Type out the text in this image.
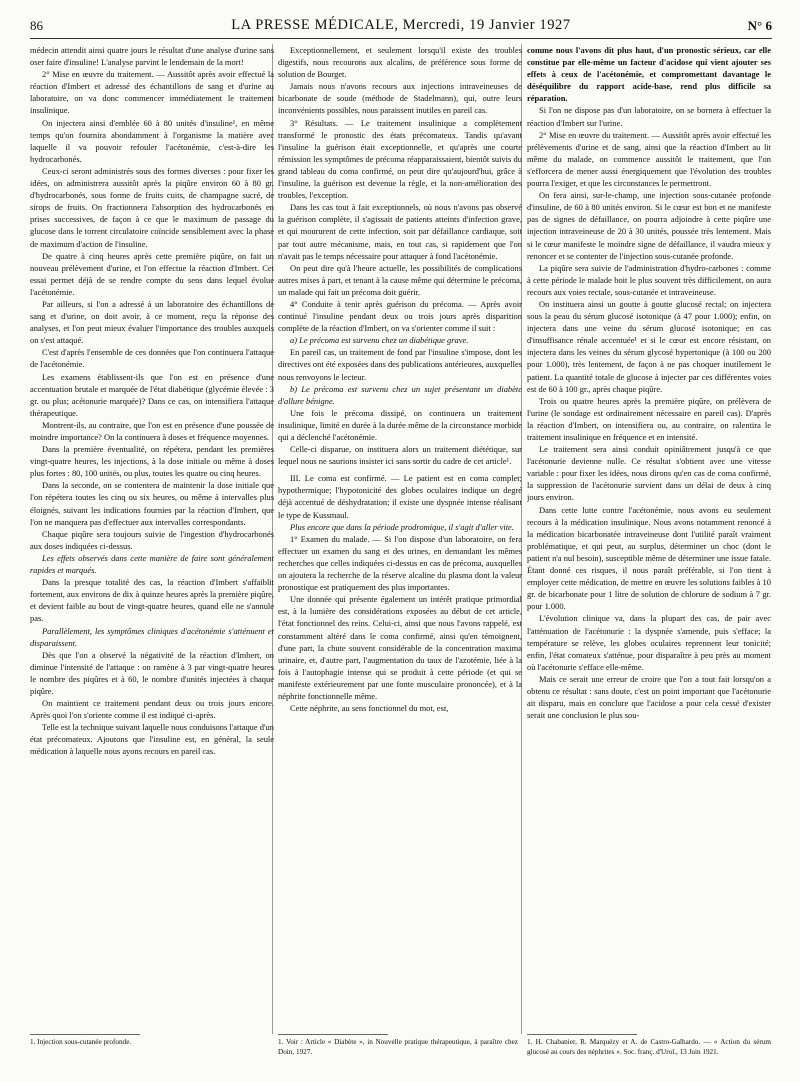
86	LA PRESSE MÉDICALE, Mercredi, 19 Janvier 1927	N° 6

médecin attendit ainsi quatre jours le résultat d'une analyse d'urine sans oser faire d'insuline! L'analyse parvint le lendemain de la mort!

2° Mise en œuvre du traitement. — Aussitôt après avoir effectué la réaction d'Imbert et adressé des échantillons de sang et d'urine au laboratoire, on va donc commencer immédiatement le traitement insulinique.

On injectera ainsi d'emblée 60 à 80 unités d'insuline¹, en même temps qu'on fournira abondamment à l'organisme la matière avec laquelle il va pouvoir refouler l'acétonémie, c'est-à-dire les hydrocarbonés.

Ceux-ci seront administrés sous des formes diverses : pour fixer les idées, on administrera aussitôt après la piqûre environ 60 à 80 gr. d'hydrocarbonés, sous forme de fruits cuits, de champagne sucré, de sirops de fruits. On fractionnera l'absorption des hydrocarbonés en prises successives, de façon à ce que le maximum de passage du glucose dans le torrent circulatoire coïncide sensiblement avec la phase de maximum d'action de l'insuline.

De quatre à cinq heures après cette première piqûre, on fait un nouveau prélèvement d'urine, et l'on effectue la réaction d'Imbert. Cet essai permet déjà de se rendre compte du sens dans lequel évolue l'acétonémie.

Par ailleurs, si l'on a adressé à un laboratoire des échantillons de sang et d'urine, on doit avoir, à ce moment, reçu la réponse des analyses, et l'on peut mieux évaluer l'importance des troubles auxquels on s'est attaqué.

C'est d'après l'ensemble de ces données que l'on continuera l'attaque de l'acétonémie.

Les examens établissent-ils que l'on est en présence d'une accentuation brutale et marquée de l'état diabétique (glycémie élevée : 3 gr. ou plus; acétonurie marquée)? Dans ce cas, on intensifiera l'attaque thérapeutique.

Montrent-ils, au contraire, que l'on est en présence d'une poussée de moindre importance? On la continuera à doses et fréquence moyennes.

Dans la première éventualité, on répétera, pendant les premières vingt-quatre heures, les injections, à la dose initiale ou même à doses plus fortes : 80, 100 unités, ou plus, toutes les quatre ou cinq heures.

Dans la seconde, on se contentera de maintenir la dose initiale que l'on répétera toutes les cinq ou six heures, ou même à intervalles plus éloignés, suivant les indications fournies par la réaction d'Imbert, que l'on ne manquera pas d'effectuer aux intervalles correspondants.

Chaque piqûre sera toujours suivie de l'ingestion d'hydrocarbonés aux doses indiquées ci-dessus.

Les effets observés dans cette manière de faire sont généralement rapides et marqués.

Dans la presque totalité des cas, la réaction d'Imbert s'affaiblit fortement, aux environs de dix à quinze heures après la première piqûre, et devient faible au bout de vingt-quatre heures, quand elle ne s'annule pas.

Parallèlement, les symptômes cliniques d'acétonémie s'atténuent et disparaissent.

Dès que l'on a observé la négativité de la réaction d'Imbert, on diminue l'intensité de l'attaque : on ramène à 3 par vingt-quatre heures le nombre des piqûres et à 60, le nombre d'unités injectées à chaque piqûre.

On maintient ce traitement pendant deux ou trois jours encore. Après quoi l'on s'oriente comme il est indiqué ci-après.

Telle est la technique suivant laquelle nous conduisons l'attaque d'un état précomateux. Ajoutons que l'insuline est, en général, la seule médication à laquelle nous ayons recours en pareil cas.

Exceptionnellement, et seulement lorsqu'il existe des troubles digestifs, nous recourons aux alcalins, de préférence sous forme de solution de Bourget.

Jamais nous n'avons recours aux injections intraveineuses de bicarbonate de soude (méthode de Stadelmann), qui, outre leurs inconvénients possibles, nous paraissent inutiles en pareil cas.

3° Résultats. — Le traitement insulinique a complètement transformé le pronostic des états précomateux. Tandis qu'avant l'insuline la guérison était exceptionnelle, et qu'après une courte rémission les symptômes de précoma réapparaissaient, bientôt suivis du grand tableau du coma confirmé, on peut dire qu'aujourd'hui, grâce à l'insuline, la guérison est devenue la règle, et la non-amélioration des troubles, l'exception.

Dans les cas tout à fait exceptionnels, où nous n'avons pas observé la guérison complète, il s'agissait de patients atteints d'infection grave, et qui moururent de cette infection, soit par défaillance cardiaque, soit par tout autre mécanisme, mais, en tout cas, si rapidement que l'on n'avait pas le temps nécessaire pour attaquer à fond l'acétonémie.

On peut dire qu'à l'heure actuelle, les possibilités de complications autres mises à part, et tenant à la cause même qui détermine le précoma, un malade qui fait un précoma doit guérir.

4° Conduite à tenir après guérison du précoma. — Après avoir continué l'insuline pendant deux ou trois jours après disparition complète de la réaction d'Imbert, on va s'orienter comme il suit :

a) Le précoma est survenu chez un diabétique grave.

En pareil cas, un traitement de fond par l'insuline s'impose, dont les directives ont été exposées dans des publications antérieures, auxquelles nous renvoyons le lecteur.

b) Le précoma est survenu chez un sujet présentant un diabète d'allure bénigne.

Une fois le précoma dissipé, on continuera un traitement insulinique, limité en durée à la durée même de la circonstance morbide qui a déclenché l'acétonémie.

Celle-ci disparue, on instituera alors un traitement diététique, sur lequel nous ne saurions insister ici sans sortir du cadre de cet article¹.

III. Le coma est confirmé. — Le patient est en coma complet; hypothermique; l'hypotonicité des globes oculaires indique un degré déjà accentué de déshydratation; il existe une dyspnée intense réalisant le type de Kussmaul.

Plus encore que dans la période prodromique, il s'agit d'aller vite.

1° Examen du malade. — Si l'on dispose d'un laboratoire, on fera effectuer un examen du sang et des urines, en demandant les mêmes recherches que celles indiquées ci-dessus en cas de précoma, auxquelles on ajoutera la recherche de la réserve alcaline du plasma dont la valeur pronostique est pratiquement des plus importantes.

Une donnée qui présente également un intérêt pratique primordial est, à la lumière des considérations exposées au début de cet article, l'état fonctionnel des reins. Celui-ci, ainsi que nous l'avons rappelé, est constamment altéré dans le coma confirmé, ainsi qu'en témoignent, d'une part, la chute souvent considérable de la concentration maxima urinaire, et, d'autre part, l'augmentation du taux de l'azotémie, liée à la fois à l'autophagie intense qui se produit à cette période (et qui se manifeste extérieurement par une fonte musculaire prononcée), et à la néphrite fonctionnelle même.

Cette néphrite, au sens fonctionnel du mot, est,

comme nous l'avons dit plus haut, d'un pronostic sérieux, car elle constitue par elle-même un facteur d'acidose qui vient ajouter ses effets à ceux de l'acétonémie, et compromettant davantage le déséquilibre du rapport acide-base, rend plus difficile sa réparation.

Si l'on ne dispose pas d'un laboratoire, on se bornera à effectuer la réaction d'Imbert sur l'urine.

2° Mise en œuvre du traitement. — Aussitôt après avoir effectué les prélèvements d'urine et de sang, ainsi que la réaction d'Imbert au lit même du malade, on commence aussitôt le traitement, que l'on s'efforcera de mener aussi énergiquement que l'évolution des troubles pourra l'exiger, et que les circonstances le permettront.

On fera ainsi, sur-le-champ, une injection sous-cutanée profonde d'insuline, de 60 à 80 unités environ. Si le cœur est bon et ne manifeste pas de signes de défaillance, on pourra adjoindre à cette piqûre une injection intraveineuse de 20 à 30 unités, poussée très lentement. Mais si le cœur manifeste le moindre signe de défaillance, il vaudra mieux y renoncer et se contenter de l'injection sous-cutanée profonde.

La piqûre sera suivie de l'administration d'hydro-carbones : comme à cette période le malade boit le plus souvent très difficilement, on aura recours aux voies rectale, sous-cutanée et intraveineuse.

On instituera ainsi un goutte à goutte glucosé rectal; on injectera sous la peau du sérum glucosé isotonique (à 47 pour 1.000); enfin, on injectera dans une veine du sérum glucosé isotonique; en cas d'insuffisance rénale accentuée¹ et si le cœur est encore résistant, on injectera dans les veines du sérum glycosé hypertonique (à 100 ou 200 pour 1.000), très lentement, de façon à ne pas choquer inutilement le patient. La quantité totale de glucose à injecter par ces différentes voies est de 60 à 100 gr., après chaque piqûre.

Trois ou quatre heures après la première piqûre, on prélèvera de l'urine (le sondage est ordinairement nécessaire en pareil cas). D'après la réaction d'Imbert, on intensifiera ou, au contraire, on ralentira le traitement insulinique en fréquence et en intensité.

Le traitement sera ainsi conduit opiniâtrement jusqu'à ce que l'acétonurie devienne nulle. Ce résultat s'obtient avec une vitesse variable : pour fixer les idées, nous dirons qu'en cas de coma confirmé, la suppression de l'acétonurie survient dans un délai de deux à cinq jours environ.

Dans cette lutte contre l'acétonémie, nous avons eu seulement recours à la médication insulinique. Nous avons notamment renoncé à la médication bicarbonatée intraveineuse dont l'utilité paraît vraiment problématique, et qui peut, au surplus, déterminer un choc (dont le patient n'a nul besoin), susceptible même de déterminer une issue fatale. Étant donné ces risques, il nous paraît préférable, si l'on tient à employer cette médication, de mettre en œuvre les solutions faibles à 10 gr. de bicarbonate pour 1 litre de solution de chlorure de sodium à 7 gr. pour 1.000.

L'évolution clinique va, dans la plupart des cas, de pair avec l'atténuation de l'acétonurie : la dyspnée s'amende, puis s'efface; la température se relève, les globes oculaires reprennent leur tonicité; enfin, l'état comateux s'atténue, pour disparaître à peu près au moment où l'acétonurie s'efface elle-même.

Mais ce serait une erreur de croire que l'on a tout fait lorsqu'on a obtenu ce résultat : sans doute, c'est un point important que l'acétonurie ait disparu, mais en conclure que l'acidose a pour cela cessé d'exister serait une conclusion le plus sou-

1. Injection sous-cutanée profonde.	1. Voir : Article « Diabète », in Nouvelle pratique thérapeutique, à paraître chez Doin, 1927.
1. H. Chabanier, R. Marquézy et A. de Castro-Galhardo. — « Action du sérum glucosé au cours des néphrites ». Soc. franç. d'Urol., 13 Juin 1921.
